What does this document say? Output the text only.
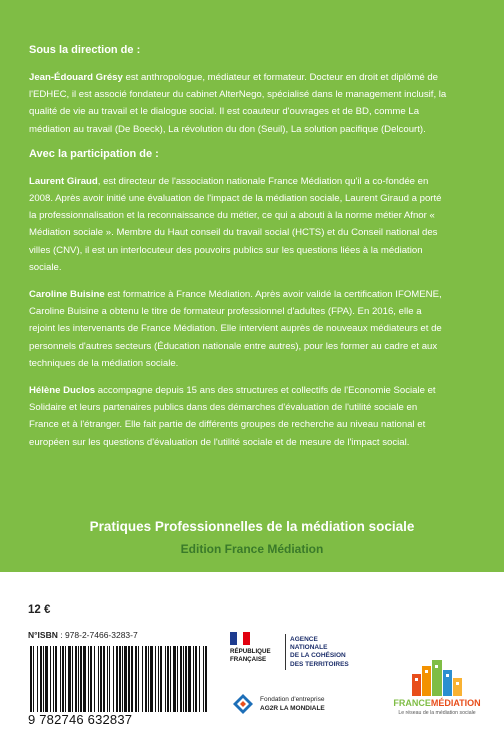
Sous la direction de :

Jean-Édouard Grésy est anthropologue, médiateur et formateur. Docteur en droit et diplômé de l'EDHEC, il est associé fondateur du cabinet AlterNego, spécialisé dans le management inclusif, la qualité de vie au travail et le dialogue social. Il est coauteur d'ouvrages et de BD, comme La médiation au travail (De Boeck), La révolution du don (Seuil), La solution pacifique (Delcourt).

Avec la participation de :

Laurent Giraud, est directeur de l'association nationale France Médiation qu'il a co-fondée en 2008. Après avoir initié une évaluation de l'impact de la médiation sociale, Laurent Giraud a porté la professionnalisation et la reconnaissance du métier, ce qui a abouti à la norme métier Afnor « Médiation sociale ». Membre du Haut conseil du travail social (HCTS) et du Conseil national des villes (CNV), il est un interlocuteur des pouvoirs publics sur les questions liées à la médiation sociale.

Caroline Buisine est formatrice à France Médiation. Après avoir validé la certification IFOMENE, Caroline Buisine a obtenu le titre de formateur professionnel d'adultes (FPA). En 2016, elle a rejoint les intervenants de France Médiation. Elle intervient auprès de nouveaux médiateurs et de personnels d'autres secteurs (Éducation nationale entre autres), pour les former au cadre et aux techniques de la médiation sociale.

Hélène Duclos accompagne depuis 15 ans des structures et collectifs de l'Economie Sociale et Solidaire et leurs partenaires publics dans des démarches d'évaluation de l'utilité sociale en France et à l'étranger. Elle fait partie de différents groupes de recherche au niveau national et européen sur les questions d'évaluation de l'utilité sociale et de mesure de l'impact social.

Pratiques Professionnelles de la médiation sociale
Edition France Médiation
12 €
N°ISBN : 978-2-7466-3283-7
9 782746 632837
RÉPUBLIQUE
FRANÇAISE
AGENCE
NATIONALE
DE LA COHÉSION
DES TERRITOIRES
Fondation d'entreprise
AG2R LA MONDIALE	FRANCEMÉDIATION
Le réseau de la médiation sociale
